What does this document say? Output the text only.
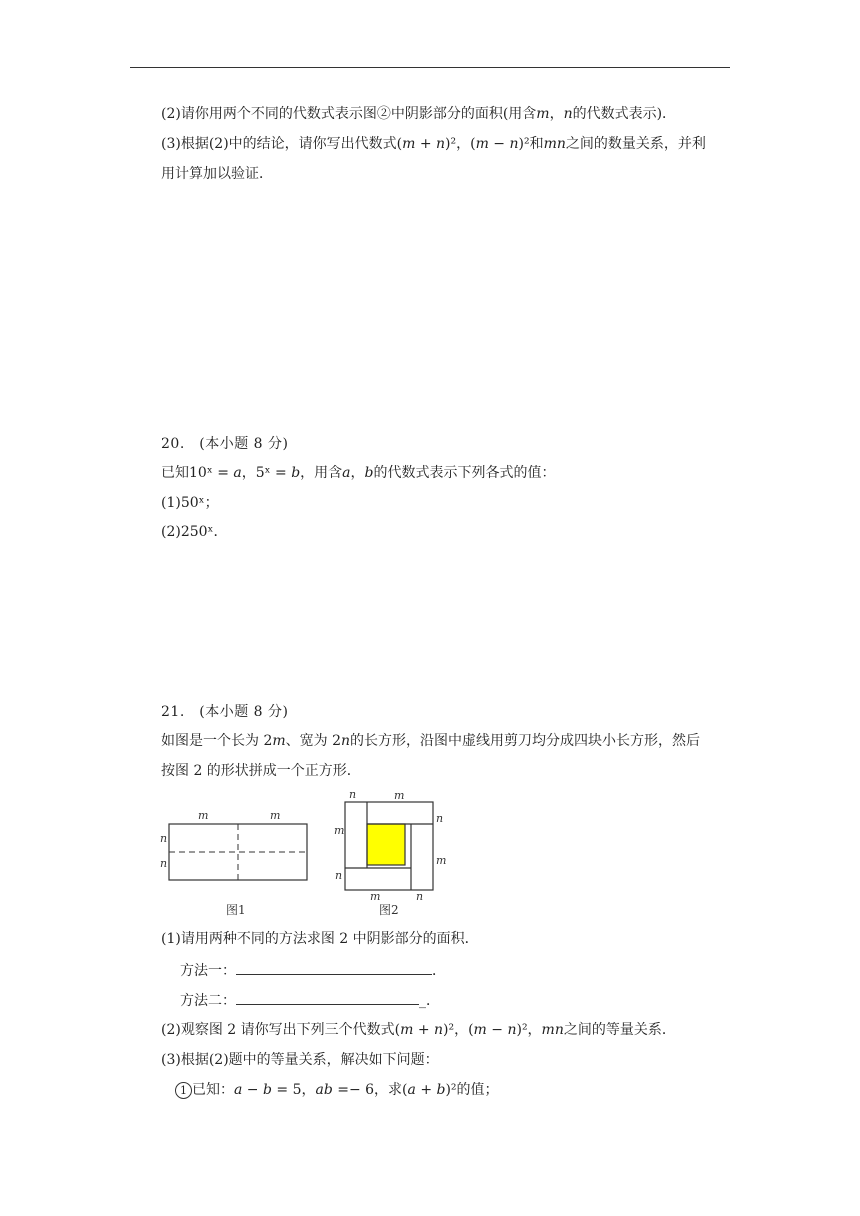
(2)请你用两个不同的代数式表示图②中阴影部分的面积(用含𝑚，𝑛的代数式表示)．
(3)根据(2)中的结论，请你写出代数式(𝑚 + 𝑛)²，(𝑚 − 𝑛)²和𝑚𝑛之间的数量关系，并利
用计算加以验证．
20.　(本小题 8 分)
已知10ˣ = 𝑎，5ˣ = 𝑏，用含𝑎，𝑏的代数式表示下列各式的值：
(1)50ˣ；
(2)250ˣ．
21.　(本小题 8 分)
如图是一个长为 2𝑚、宽为 2𝑛的长方形，沿图中虚线用剪刀均分成四块小长方形，然后
按图 2 的形状拼成一个正方形．
m	m
n
n
图1
n	m
m
n
n
m
m	n
图2
(1)请用两种不同的方法求图 2 中阴影部分的面积．
方法一：	．
方法二：	_．
(2)观察图 2 请你写出下列三个代数式(𝑚 + 𝑛)²，(𝑚 − 𝑛)²，𝑚𝑛之间的等量关系．
(3)根据(2)题中的等量关系，解决如下问题：
1 已知：𝑎 − 𝑏 = 5，𝑎𝑏 =− 6，求(𝑎 + 𝑏)²的值；
